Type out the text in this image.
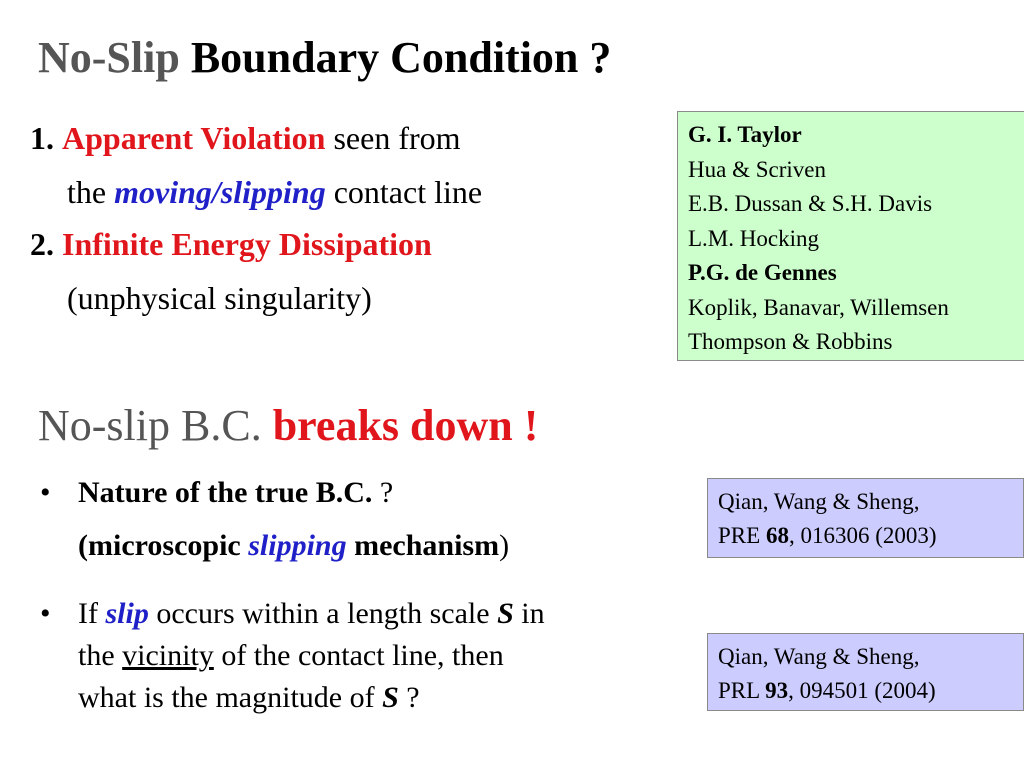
No-Slip Boundary Condition ?
1. Apparent Violation seen from
the moving/slipping contact line
2. Infinite Energy Dissipation
(unphysical singularity)
G. I. Taylor
Hua & Scriven
E.B. Dussan & S.H. Davis
L.M. Hocking
P.G. de Gennes
Koplik, Banavar, Willemsen
Thompson & Robbins
No-slip B.C. breaks down !
• Nature of the true B.C. ?
(microscopic slipping mechanism)
• If slip occurs within a length scale S in
the vicinity of the contact line, then
what is the magnitude of S ?
Qian, Wang & Sheng,
PRE 68, 016306 (2003)
Qian, Wang & Sheng,
PRL 93, 094501 (2004)
